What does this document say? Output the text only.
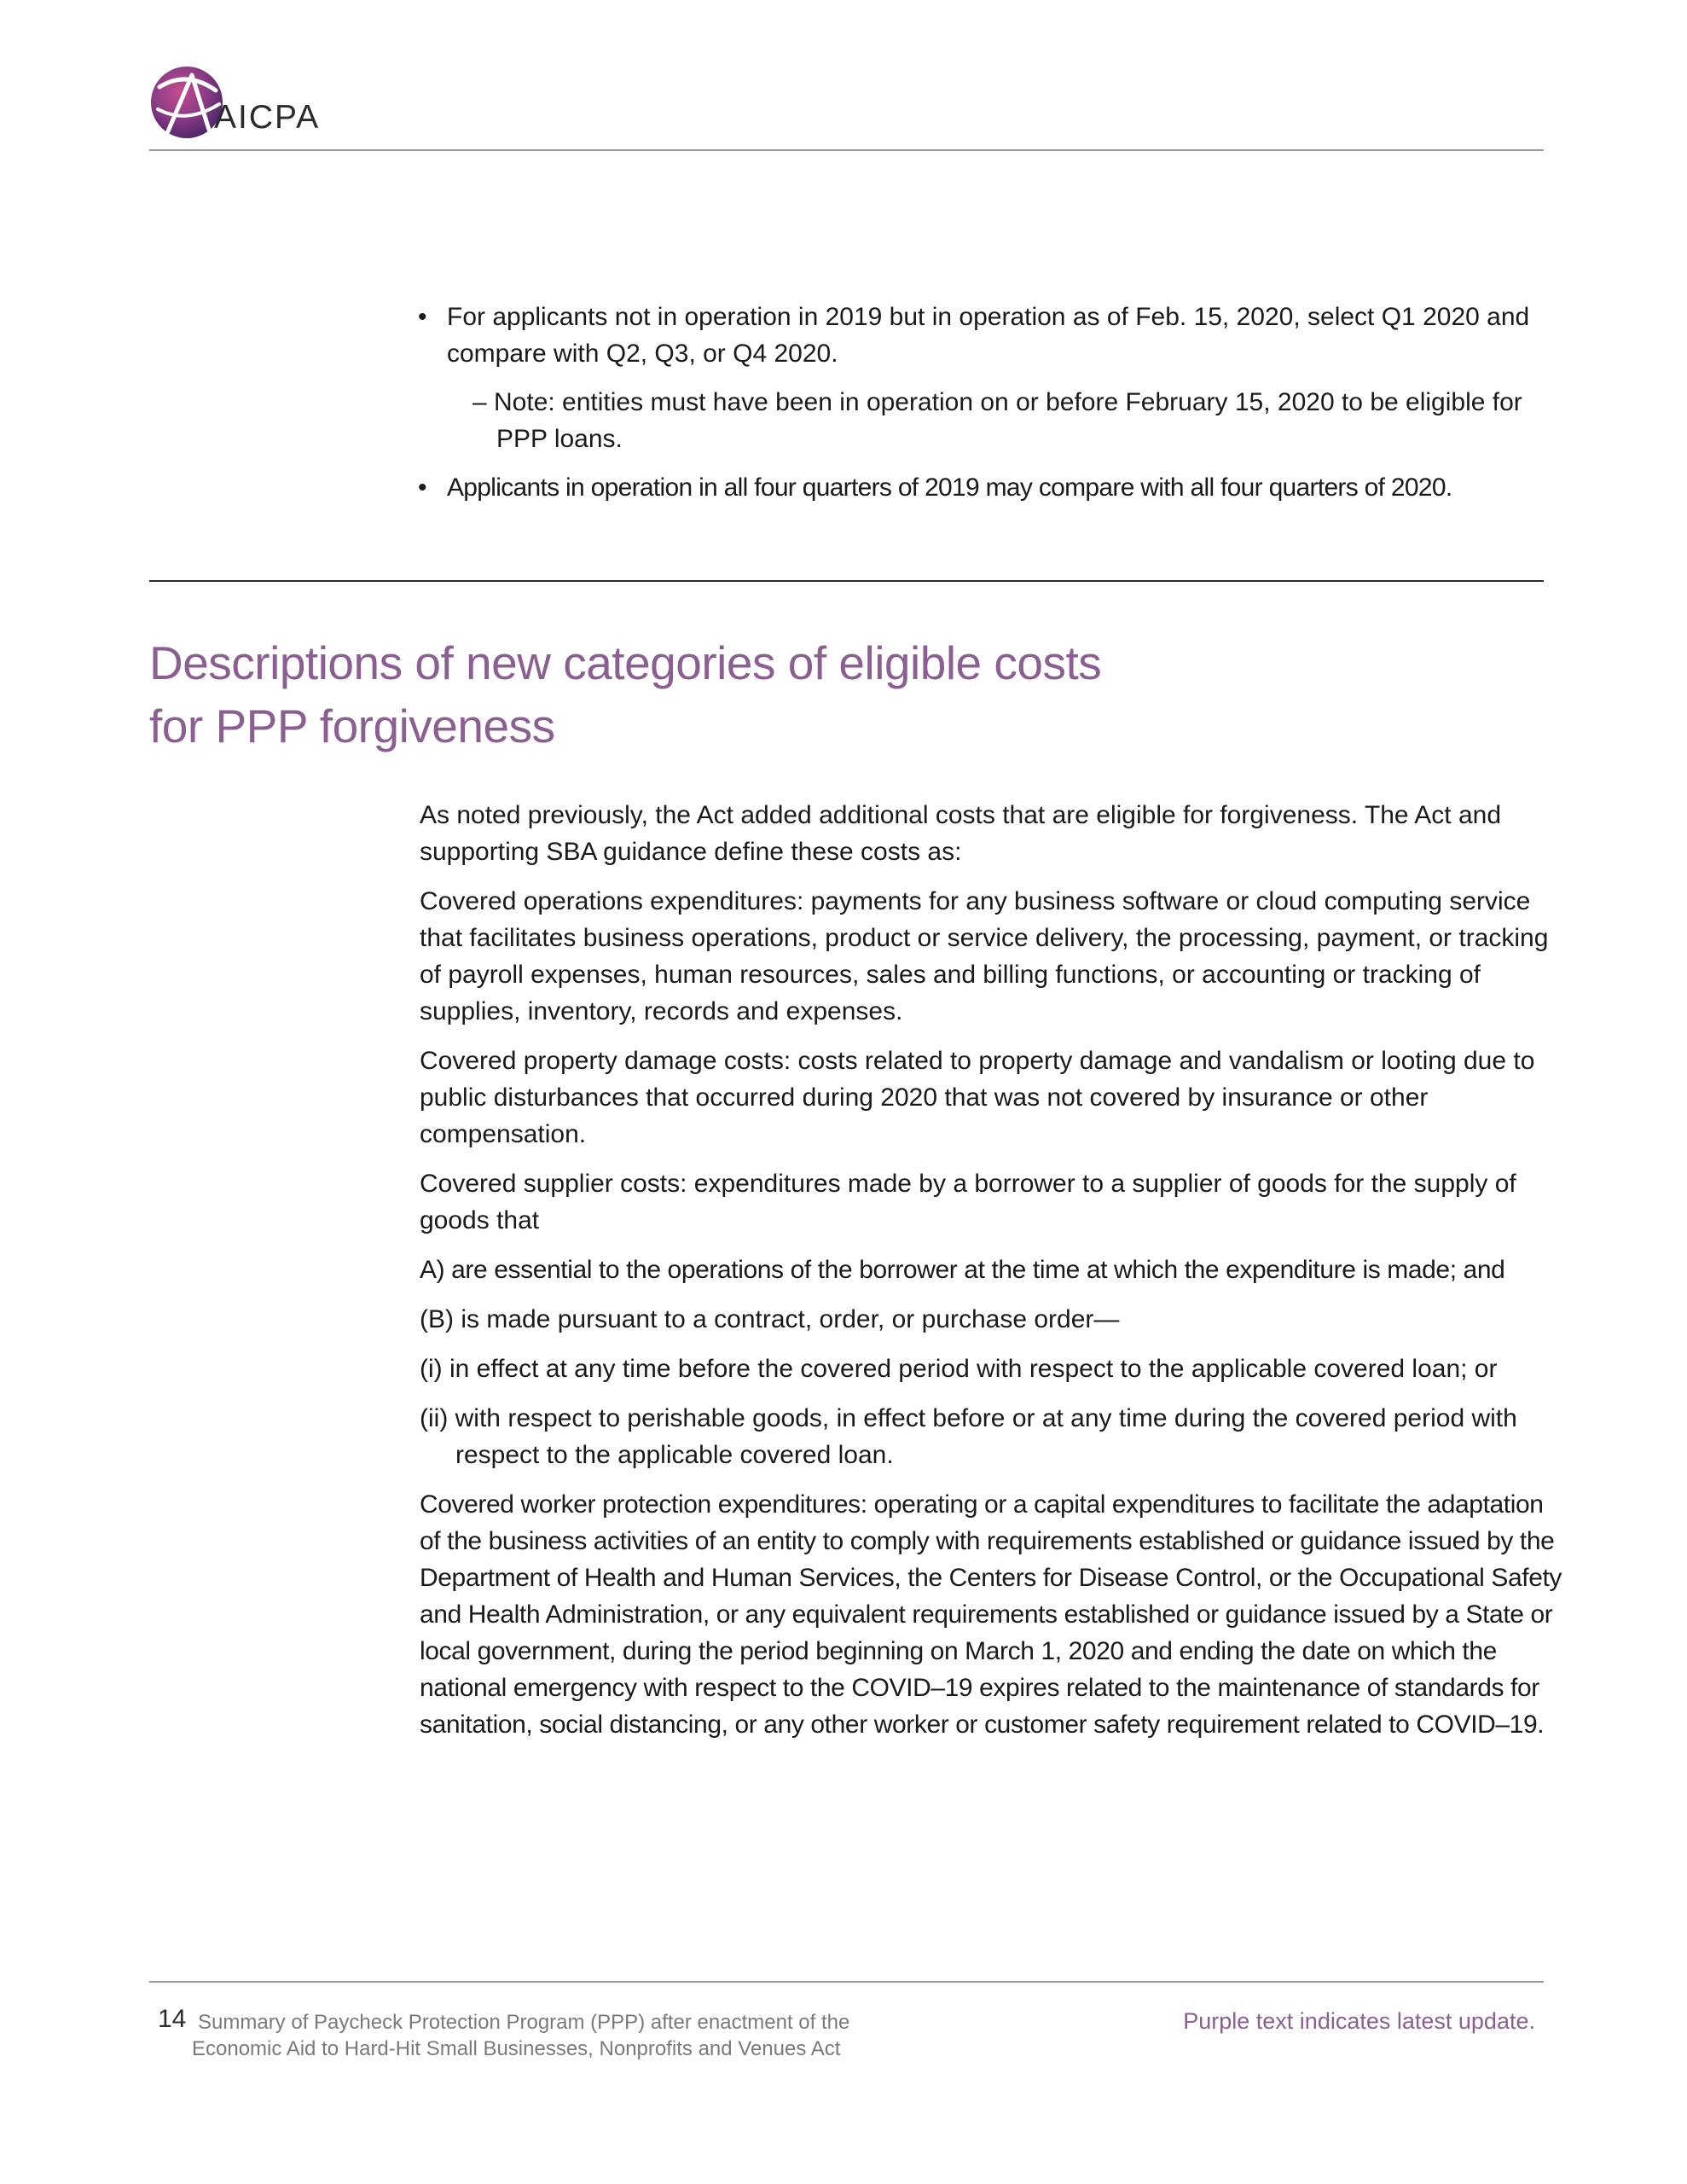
AICPA
• For applicants not in operation in 2019 but in operation as of Feb. 15, 2020, select Q1 2020 and compare with Q2, Q3, or Q4 2020.
– Note: entities must have been in operation on or before February 15, 2020 to be eligible for PPP loans.
• Applicants in operation in all four quarters of 2019 may compare with all four quarters of 2020.
Descriptions of new categories of eligible costs
for PPP forgiveness

As noted previously, the Act added additional costs that are eligible for forgiveness. The Act and supporting SBA guidance define these costs as:

Covered operations expenditures: payments for any business software or cloud computing service that facilitates business operations, product or service delivery, the processing, payment, or tracking of payroll expenses, human resources, sales and billing functions, or accounting or tracking of supplies, inventory, records and expenses.

Covered property damage costs: costs related to property damage and vandalism or looting due to public disturbances that occurred during 2020 that was not covered by insurance or other compensation.

Covered supplier costs: expenditures made by a borrower to a supplier of goods for the supply of goods that

A) are essential to the operations of the borrower at the time at which the expenditure is made; and

(B) is made pursuant to a contract, order, or purchase order—

(i) in effect at any time before the covered period with respect to the applicable covered loan; or

(ii) with respect to perishable goods, in effect before or at any time during the covered period with respect to the applicable covered loan.

Covered worker protection expenditures: operating or a capital expenditures to facilitate the adaptation of the business activities of an entity to comply with requirements established or guidance issued by the Department of Health and Human Services, the Centers for Disease Control, or the Occupational Safety and Health Administration, or any equivalent requirements established or guidance issued by a State or local government, during the period beginning on March 1, 2020 and ending the date on which the national emergency with respect to the COVID–19 expires related to the maintenance of standards for sanitation, social distancing, or any other worker or customer safety requirement related to COVID–19.

14 Summary of Paycheck Protection Program (PPP) after enactment of the
Economic Aid to Hard-Hit Small Businesses, Nonprofits and Venues Act
Purple text indicates latest update.
